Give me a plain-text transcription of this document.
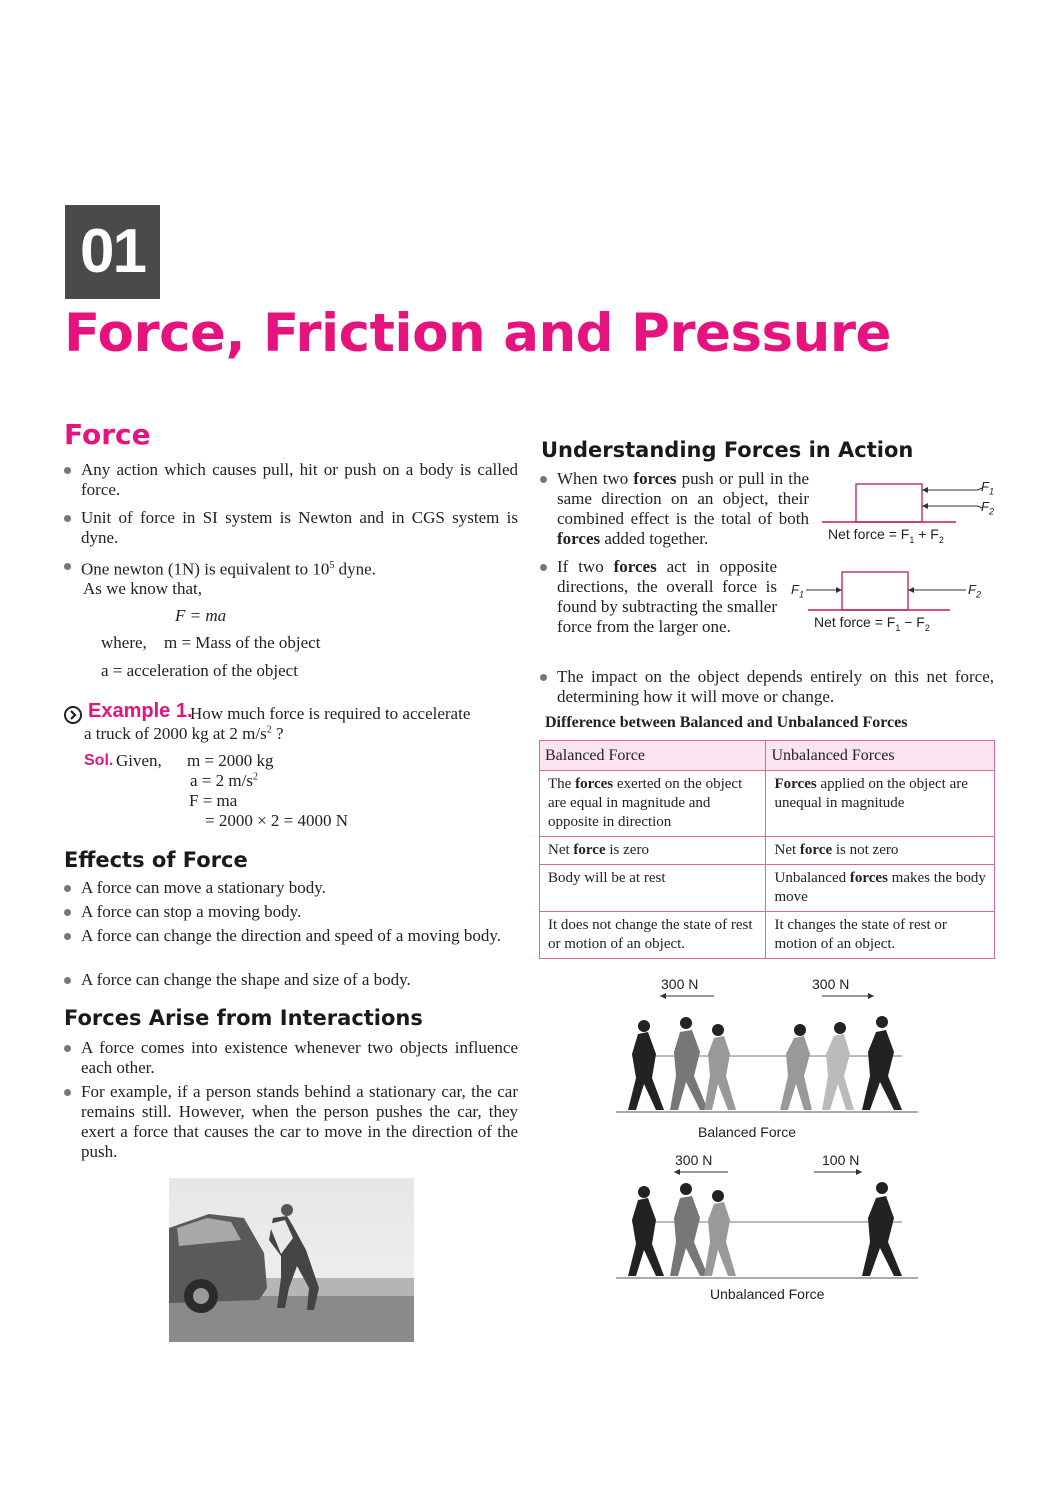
01
Force, Friction and Pressure
Force
Any action which causes pull, hit or push on a body is called force.
Unit of force in SI system is Newton and in CGS system is dyne.
One newton (1N) is equivalent to $10^5$ dyne.
As we know that,
F = ma
where, m = Mass of the object
a = acceleration of the object
Example 1.
How much force is required to accelerate
a truck of 2000 kg at 2 $m/s^2$ ?
Sol. Given, m = 2000 kg
a = 2 $m/s^2$
F = ma
= 2000 × 2 = 4000 N
Effects of Force
A force can move a stationary body.
A force can stop a moving body.
A force can change the direction and speed of a moving body.
A force can change the shape and size of a body.
Forces Arise from Interactions
A force comes into existence whenever two objects influence each other.
For example, if a person stands behind a stationary car, the car remains still. However, when the person pushes the car, they exert a force that causes the car to move in the direction of the push.
Understanding Forces in Action
When two forces push or pull in the same direction on an object, their combined effect is the total of both forces added together.
$F_1$
$F_2$
Net force = $F_1 + F_2$
If two forces act in opposite directions, the overall force is found by subtracting the smaller force from the larger one.
$F_1$	$F_2$
Net force = $F_1 - F_2$
The impact on the object depends entirely on this net force, determining how it will move or change.
Difference between Balanced and Unbalanced Forces
Balanced Force	Unbalanced Forces
The forces exerted on the object are equal in magnitude and opposite in direction	Forces applied on the object are unequal in magnitude
Net force is zero	Net force is not zero
Body will be at rest	Unbalanced forces makes the body move
It does not change the state of rest or motion of an object.	It changes the state of rest or motion of an object.
300 N	300 N
Balanced Force
300 N	100 N
Unbalanced Force
